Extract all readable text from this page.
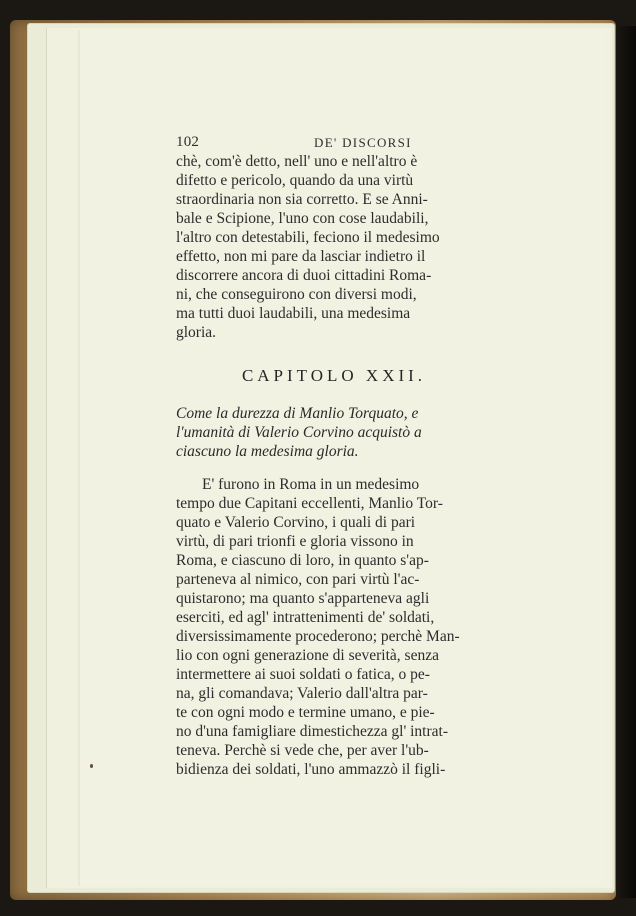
102	DE' DISCORSI
chè, com'è detto, nell' uno e nell'altro è
difetto e pericolo, quando da una virtù
straordinaria non sia corretto. E se Anni-
bale e Scipione, l'uno con cose laudabili,
l'altro con detestabili, feciono il medesimo
effetto, non mi pare da lasciar indietro il
discorrere ancora di duoi cittadini Roma-
ni, che conseguirono con diversi modi,
ma tutti duoi laudabili, una medesima
gloria.
CAPITOLO XXII.
Come la durezza di Manlio Torquato, e
l'umanità di Valerio Corvino acquistò a
ciascuno la medesima gloria.
E' furono in Roma in un medesimo
tempo due Capitani eccellenti, Manlio Tor-
quato e Valerio Corvino, i quali di pari
virtù, di pari trionfi e gloria vissono in
Roma, e ciascuno di loro, in quanto s'ap-
parteneva al nimico, con pari virtù l'ac-
quistarono; ma quanto s'apparteneva agli
eserciti, ed agl' intrattenimenti de' soldati,
diversissimamente procederono; perchè Man-
lio con ogni generazione di severità, senza
intermettere ai suoi soldati o fatica, o pe-
na, gli comandava; Valerio dall'altra par-
te con ogni modo e termine umano, e pie-
no d'una famigliare dimestichezza gl' intrat-
teneva. Perchè si vede che, per aver l'ub-
bidienza dei soldati, l'uno ammazzò il figli-
